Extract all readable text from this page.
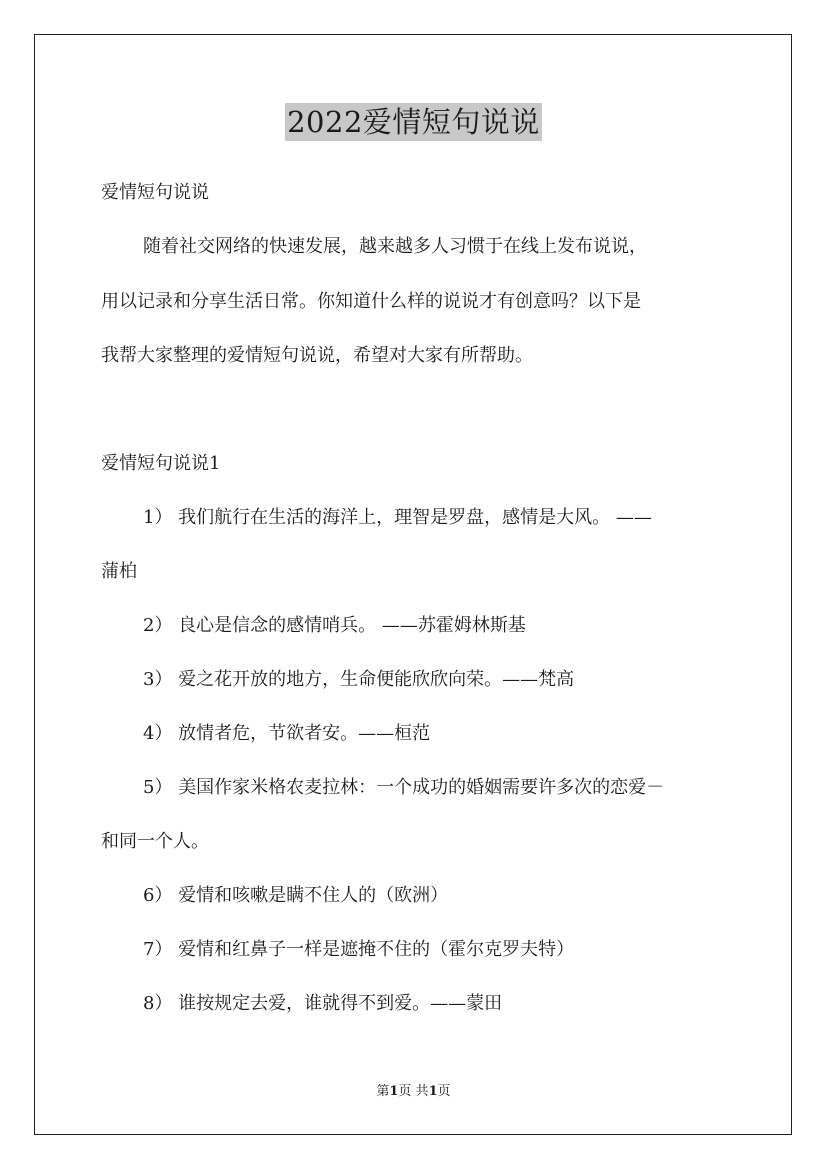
2022爱情短句说说
爱情短句说说
随着社交网络的快速发展，越来越多人习惯于在线上发布说说，
用以记录和分享生活日常。你知道什么样的说说才有创意吗？以下是
我帮大家整理的爱情短句说说，希望对大家有所帮助。
爱情短句说说1
1） 我们航行在生活的海洋上，理智是罗盘，感情是大风。 ——
蒲柏
2） 良心是信念的感情哨兵。 ——苏霍姆林斯基
3） 爱之花开放的地方，生命便能欣欣向荣。——梵高
4） 放情者危，节欲者安。——桓范
5） 美国作家米格农麦拉林：一个成功的婚姻需要许多次的恋爱－
和同一个人。
6） 爱情和咳嗽是瞒不住人的（欧洲）
7） 爱情和红鼻子一样是遮掩不住的（霍尔克罗夫特）
8） 谁按规定去爱，谁就得不到爱。——蒙田
第1页 共1页
